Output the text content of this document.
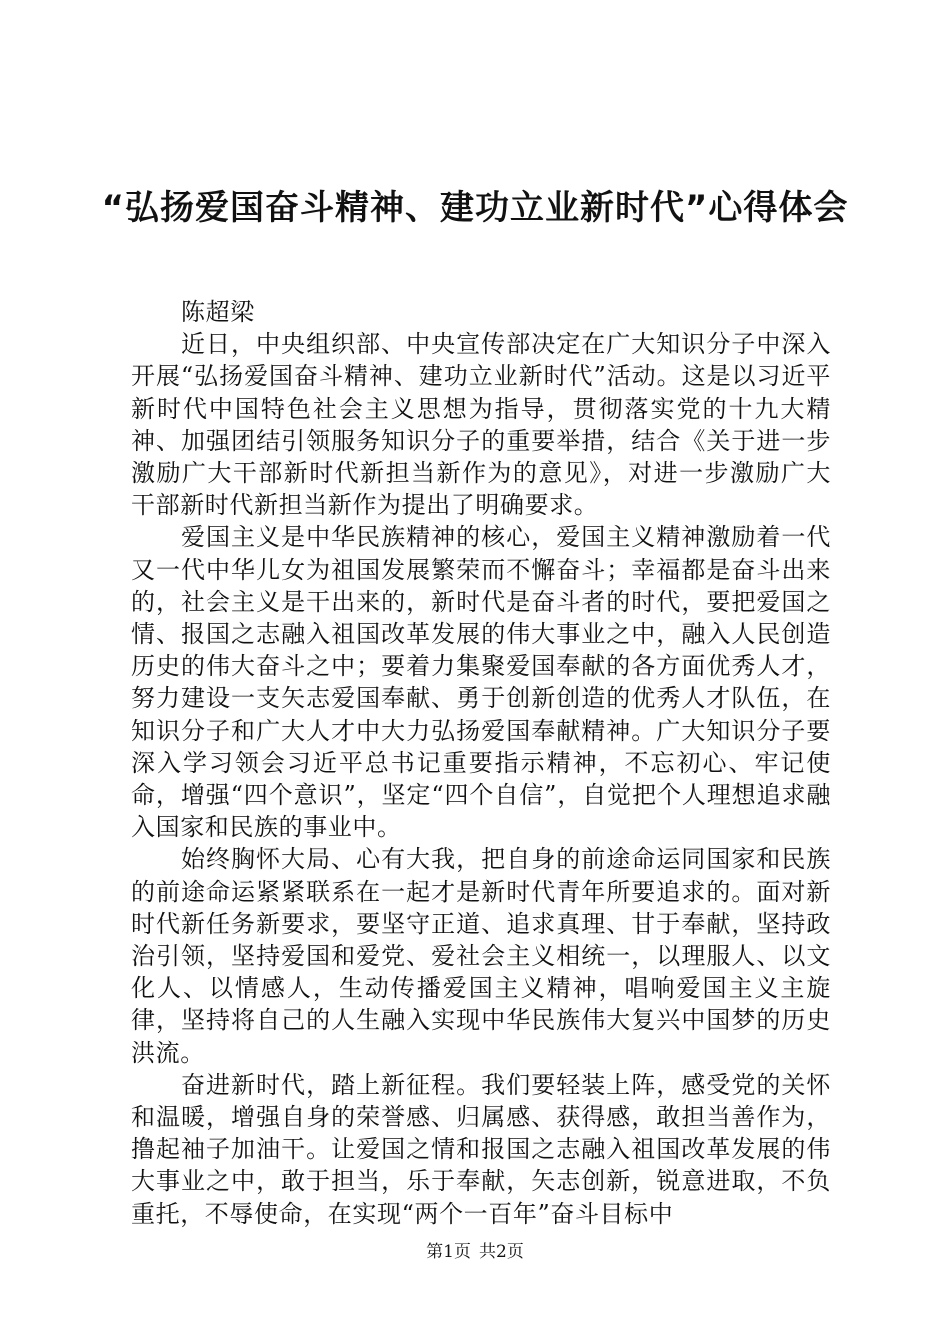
“弘扬爱国奋斗精神、建功立业新时代”心得体会

陈超梁

近日，中央组织部、中央宣传部决定在广大知识分子中深入开展“弘扬爱国奋斗精神、建功立业新时代”活动。这是以习近平新时代中国特色社会主义思想为指导，贯彻落实党的十九大精神、加强团结引领服务知识分子的重要举措，结合《关于进一步激励广大干部新时代新担当新作为的意见》，对进一步激励广大干部新时代新担当新作为提出了明确要求。

爱国主义是中华民族精神的核心，爱国主义精神激励着一代又一代中华儿女为祖国发展繁荣而不懈奋斗；幸福都是奋斗出来的，社会主义是干出来的，新时代是奋斗者的时代，要把爱国之情、报国之志融入祖国改革发展的伟大事业之中，融入人民创造历史的伟大奋斗之中；要着力集聚爱国奉献的各方面优秀人才，努力建设一支矢志爱国奉献、勇于创新创造的优秀人才队伍，在知识分子和广大人才中大力弘扬爱国奉献精神。广大知识分子要深入学习领会习近平总书记重要指示精神，不忘初心、牢记使命，增强“四个意识”，坚定“四个自信”，自觉把个人理想追求融入国家和民族的事业中。

始终胸怀大局、心有大我，把自身的前途命运同国家和民族的前途命运紧紧联系在一起才是新时代青年所要追求的。面对新时代新任务新要求，要坚守正道、追求真理、甘于奉献，坚持政治引领，坚持爱国和爱党、爱社会主义相统一，以理服人、以文化人、以情感人，生动传播爱国主义精神，唱响爱国主义主旋律，坚持将自己的人生融入实现中华民族伟大复兴中国梦的历史洪流。

奋进新时代，踏上新征程。我们要轻装上阵，感受党的关怀和温暖，增强自身的荣誉感、归属感、获得感，敢担当善作为，撸起袖子加油干。让爱国之情和报国之志融入祖国改革发展的伟大事业之中，敢于担当，乐于奉献，矢志创新，锐意进取，不负重托，不辱使命，在实现“两个一百年”奋斗目标中

第1页 共2页
